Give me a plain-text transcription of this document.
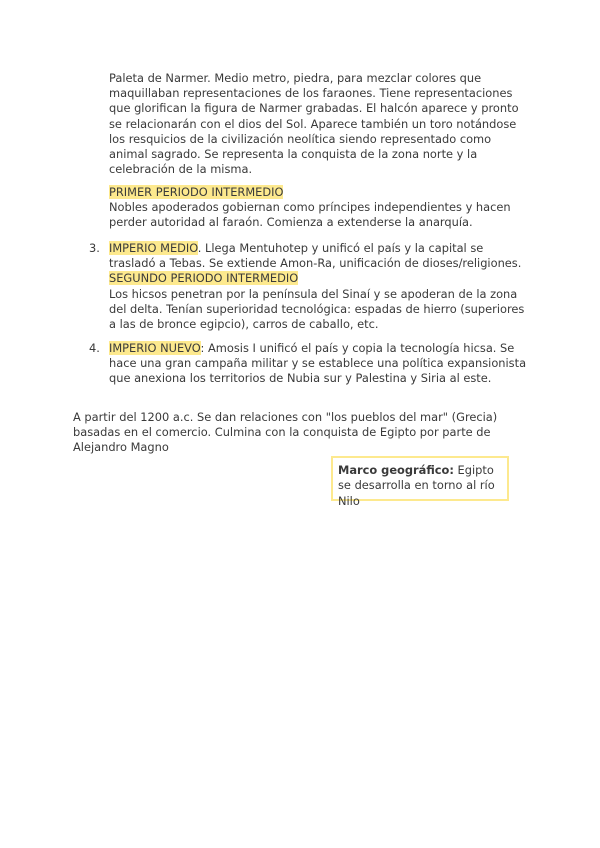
Paleta de Narmer. Medio metro, piedra, para mezclar colores que maquillaban representaciones de los faraones. Tiene representaciones que glorifican la figura de Narmer grabadas. El halcón aparece y pronto se relacionarán con el dios del Sol. Aparece también un toro notándose los resquicios de la civilización neolítica siendo representado como animal sagrado. Se representa la conquista de la zona norte y la celebración de la misma.
PRIMER PERIODO INTERMEDIO
Nobles apoderados gobiernan como príncipes independientes y hacen perder autoridad al faraón. Comienza a extenderse la anarquía.
3. IMPERIO MEDIO. Llega Mentuhotep y unificó el país y la capital se trasladó a Tebas. Se extiende Amon-Ra, unificación de dioses/religiones.
SEGUNDO PERIODO INTERMEDIO
Los hicsos penetran por la península del Sinaí y se apoderan de la zona del delta. Tenían superioridad tecnológica: espadas de hierro (superiores a las de bronce egipcio), carros de caballo, etc.
4. IMPERIO NUEVO: Amosis I unificó el país y copia la tecnología hicsa. Se hace una gran campaña militar y se establece una política expansionista que anexiona los territorios de Nubia sur y Palestina y Siria al este.
A partir del 1200 a.c. Se dan relaciones con "los pueblos del mar" (Grecia) basadas en el comercio. Culmina con la conquista de Egipto por parte de Alejandro Magno
Marco geográfico: Egipto se desarrolla en torno al río Nilo
